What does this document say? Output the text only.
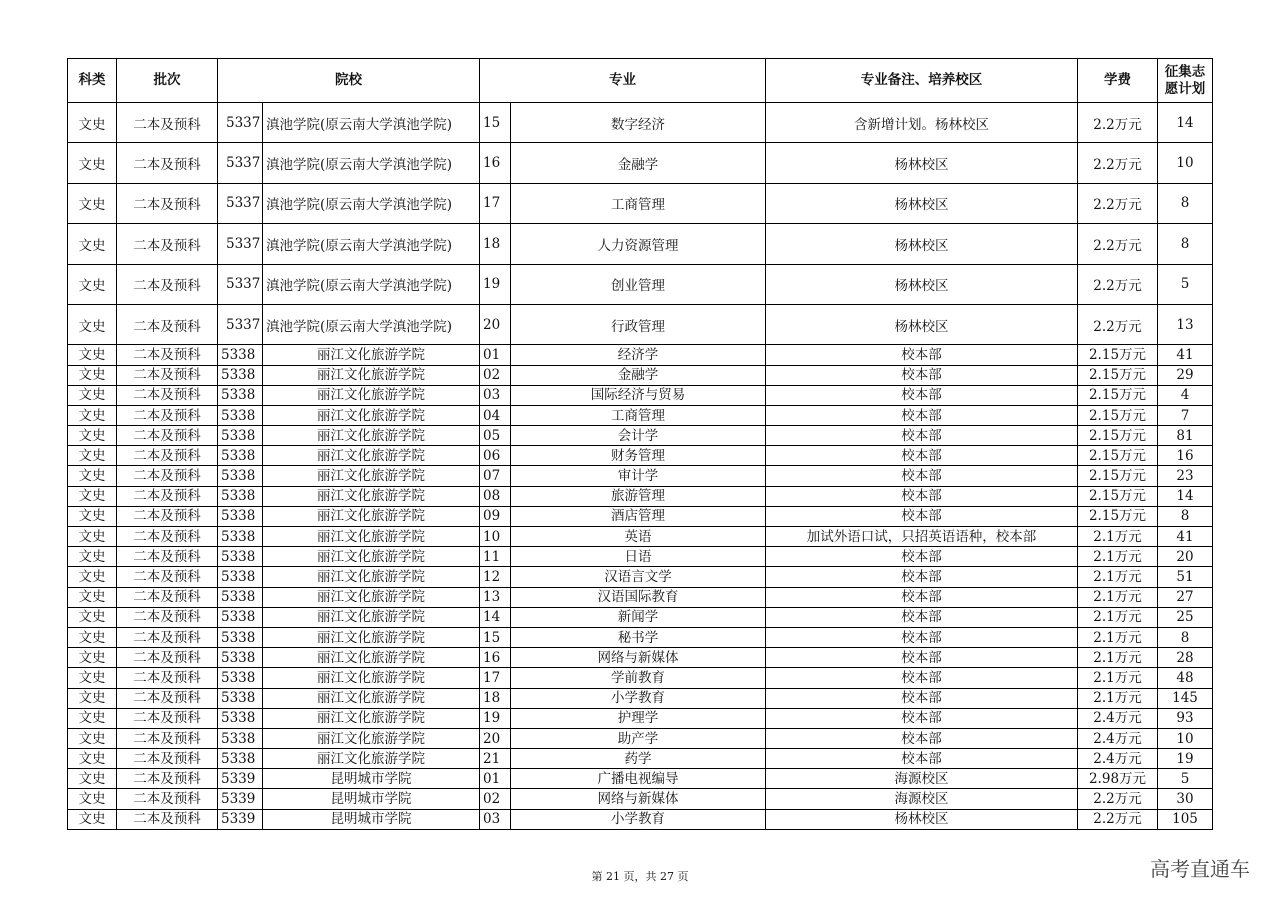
科类	批次	院校		专业		专业备注、培养校区	学费	征集志
愿计划
文史	二本及预科	5337	滇池学院(原云南大学滇池学院)	15	数字经济	含新增计划。杨林校区	2.2万元	14
文史	二本及预科	5337	滇池学院(原云南大学滇池学院)	16	金融学	杨林校区	2.2万元	10
文史	二本及预科	5337	滇池学院(原云南大学滇池学院)	17	工商管理	杨林校区	2.2万元	8
文史	二本及预科	5337	滇池学院(原云南大学滇池学院)	18	人力资源管理	杨林校区	2.2万元	8
文史	二本及预科	5337	滇池学院(原云南大学滇池学院)	19	创业管理	杨林校区	2.2万元	5
文史	二本及预科	5337	滇池学院(原云南大学滇池学院)	20	行政管理	杨林校区	2.2万元	13
文史	二本及预科	5338	丽江文化旅游学院	01	经济学	校本部	2.15万元	41
文史	二本及预科	5338	丽江文化旅游学院	02	金融学	校本部	2.15万元	29
文史	二本及预科	5338	丽江文化旅游学院	03	国际经济与贸易	校本部	2.15万元	4
文史	二本及预科	5338	丽江文化旅游学院	04	工商管理	校本部	2.15万元	7
文史	二本及预科	5338	丽江文化旅游学院	05	会计学	校本部	2.15万元	81
文史	二本及预科	5338	丽江文化旅游学院	06	财务管理	校本部	2.15万元	16
文史	二本及预科	5338	丽江文化旅游学院	07	审计学	校本部	2.15万元	23
文史	二本及预科	5338	丽江文化旅游学院	08	旅游管理	校本部	2.15万元	14
文史	二本及预科	5338	丽江文化旅游学院	09	酒店管理	校本部	2.15万元	8
文史	二本及预科	5338	丽江文化旅游学院	10	英语	加试外语口试，只招英语语种，校本部	2.1万元	41
文史	二本及预科	5338	丽江文化旅游学院	11	日语	校本部	2.1万元	20
文史	二本及预科	5338	丽江文化旅游学院	12	汉语言文学	校本部	2.1万元	51
文史	二本及预科	5338	丽江文化旅游学院	13	汉语国际教育	校本部	2.1万元	27
文史	二本及预科	5338	丽江文化旅游学院	14	新闻学	校本部	2.1万元	25
文史	二本及预科	5338	丽江文化旅游学院	15	秘书学	校本部	2.1万元	8
文史	二本及预科	5338	丽江文化旅游学院	16	网络与新媒体	校本部	2.1万元	28
文史	二本及预科	5338	丽江文化旅游学院	17	学前教育	校本部	2.1万元	48
文史	二本及预科	5338	丽江文化旅游学院	18	小学教育	校本部	2.1万元	145
文史	二本及预科	5338	丽江文化旅游学院	19	护理学	校本部	2.4万元	93
文史	二本及预科	5338	丽江文化旅游学院	20	助产学	校本部	2.4万元	10
文史	二本及预科	5338	丽江文化旅游学院	21	药学	校本部	2.4万元	19
文史	二本及预科	5339	昆明城市学院	01	广播电视编导	海源校区	2.98万元	5
文史	二本及预科	5339	昆明城市学院	02	网络与新媒体	海源校区	2.2万元	30
文史	二本及预科	5339	昆明城市学院	03	小学教育	杨林校区	2.2万元	105
第 21 页，共 27 页	高考直通车
